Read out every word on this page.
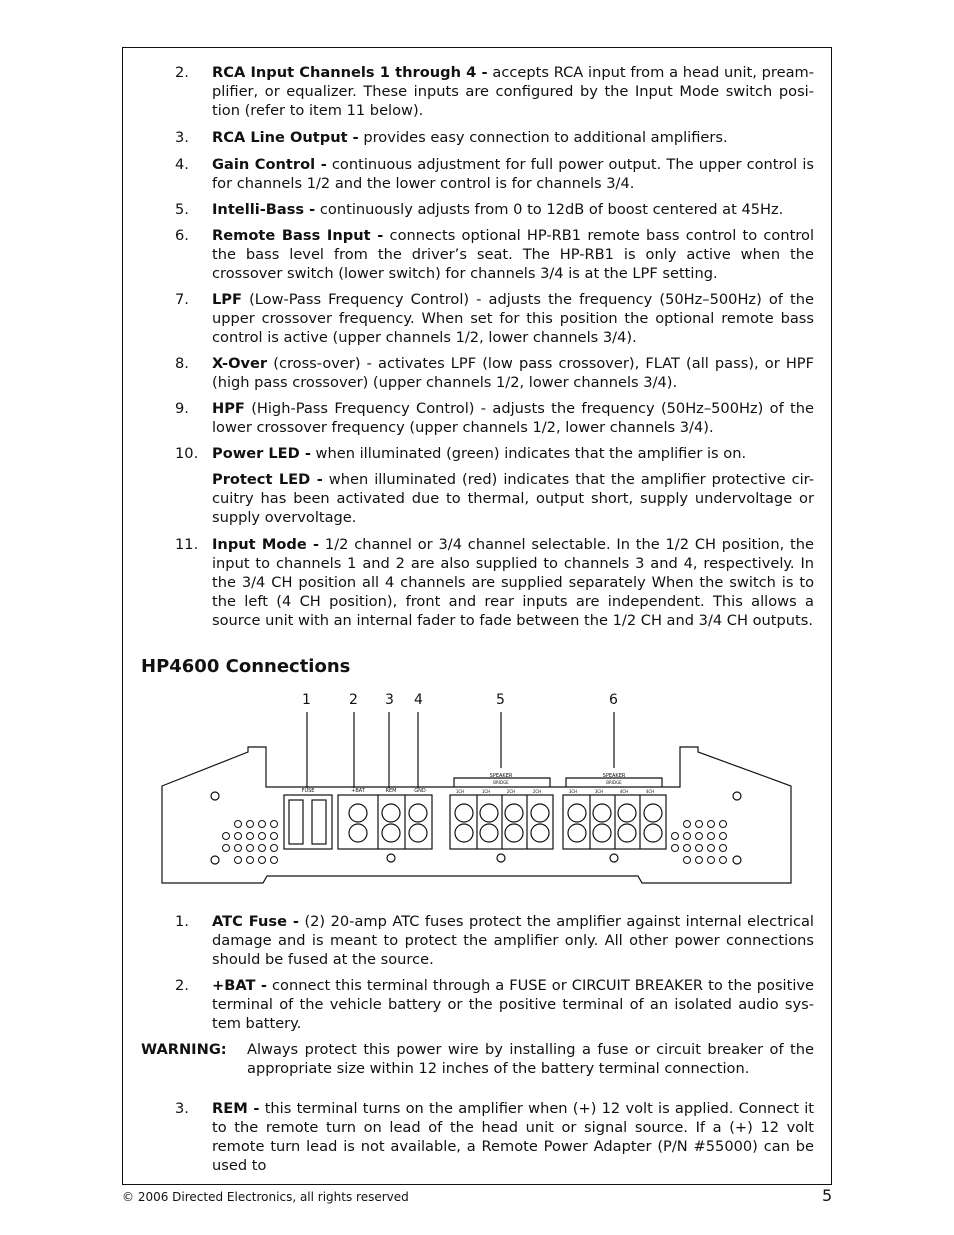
2. RCA Input Channels 1 through 4 - accepts RCA input from a head unit, pream- plifier, or equalizer. These inputs are configured by the Input Mode switch posi- tion (refer to item 11 below).
3. RCA Line Output - provides easy connection to additional amplifiers.
4. Gain Control - continuous adjustment for full power output. The upper control is for channels 1/2 and the lower control is for channels 3/4.
5. Intelli-Bass - continuously adjusts from 0 to 12dB of boost centered at 45Hz.
6. Remote Bass Input - connects optional HP-RB1 remote bass control to control the bass level from the driver’s seat. The HP-RB1 is only active when the crossover switch (lower switch) for channels 3/4 is at the LPF setting.
7. LPF (Low-Pass Frequency Control) - adjusts the frequency (50Hz–500Hz) of the upper crossover frequency. When set for this position the optional remote bass control is active (upper channels 1/2, lower channels 3/4).
8. X-Over (cross-over) - activates LPF (low pass crossover), FLAT (all pass), or HPF (high pass crossover) (upper channels 1/2, lower channels 3/4).
9. HPF (High-Pass Frequency Control) - adjusts the frequency (50Hz–500Hz) of the lower crossover frequency (upper channels 1/2, lower channels 3/4).
10. Power LED - when illuminated (green) indicates that the amplifier is on.
Protect LED - when illuminated (red) indicates that the amplifier protective cir- cuitry has been activated due to thermal, output short, supply undervoltage or supply overvoltage.
11. Input Mode - 1/2 channel or 3/4 channel selectable. In the 1/2 CH position, the input to channels 1 and 2 are also supplied to channels 3 and 4, respectively. In the 3/4 CH position all 4 channels are supplied separately When the switch is to the left (4 CH position), front and rear inputs are independent. This allows a source unit with an internal fader to fade between the 1/2 CH and 3/4 CH outputs.
HP4600 Connections
1	2 3 4	5	6
FUSE	+BAT	REM	GND
SPEAKER
BRIDGE
SPEAKER
BRIDGE
1CH	1CH	2CH	2CH	3CH	3CH	4CH	4CH
1. ATC Fuse - (2) 20-amp ATC fuses protect the amplifier against internal electrical damage and is meant to protect the amplifier only. All other power connections should be fused at the source.
2. +BAT - connect this terminal through a FUSE or CIRCUIT BREAKER to the positive terminal of the vehicle battery or the positive terminal of an isolated audio sys- tem battery.
WARNING: Always protect this power wire by installing a fuse or circuit breaker of the appropriate size within 12 inches of the battery terminal connection.
3. REM - this terminal turns on the amplifier when (+) 12 volt is applied. Connect it to the remote turn on lead of the head unit or signal source. If a (+) 12 volt remote turn lead is not available, a Remote Power Adapter (P/N #55000) can be used to
© 2006 Directed Electronics, all rights reserved	5
